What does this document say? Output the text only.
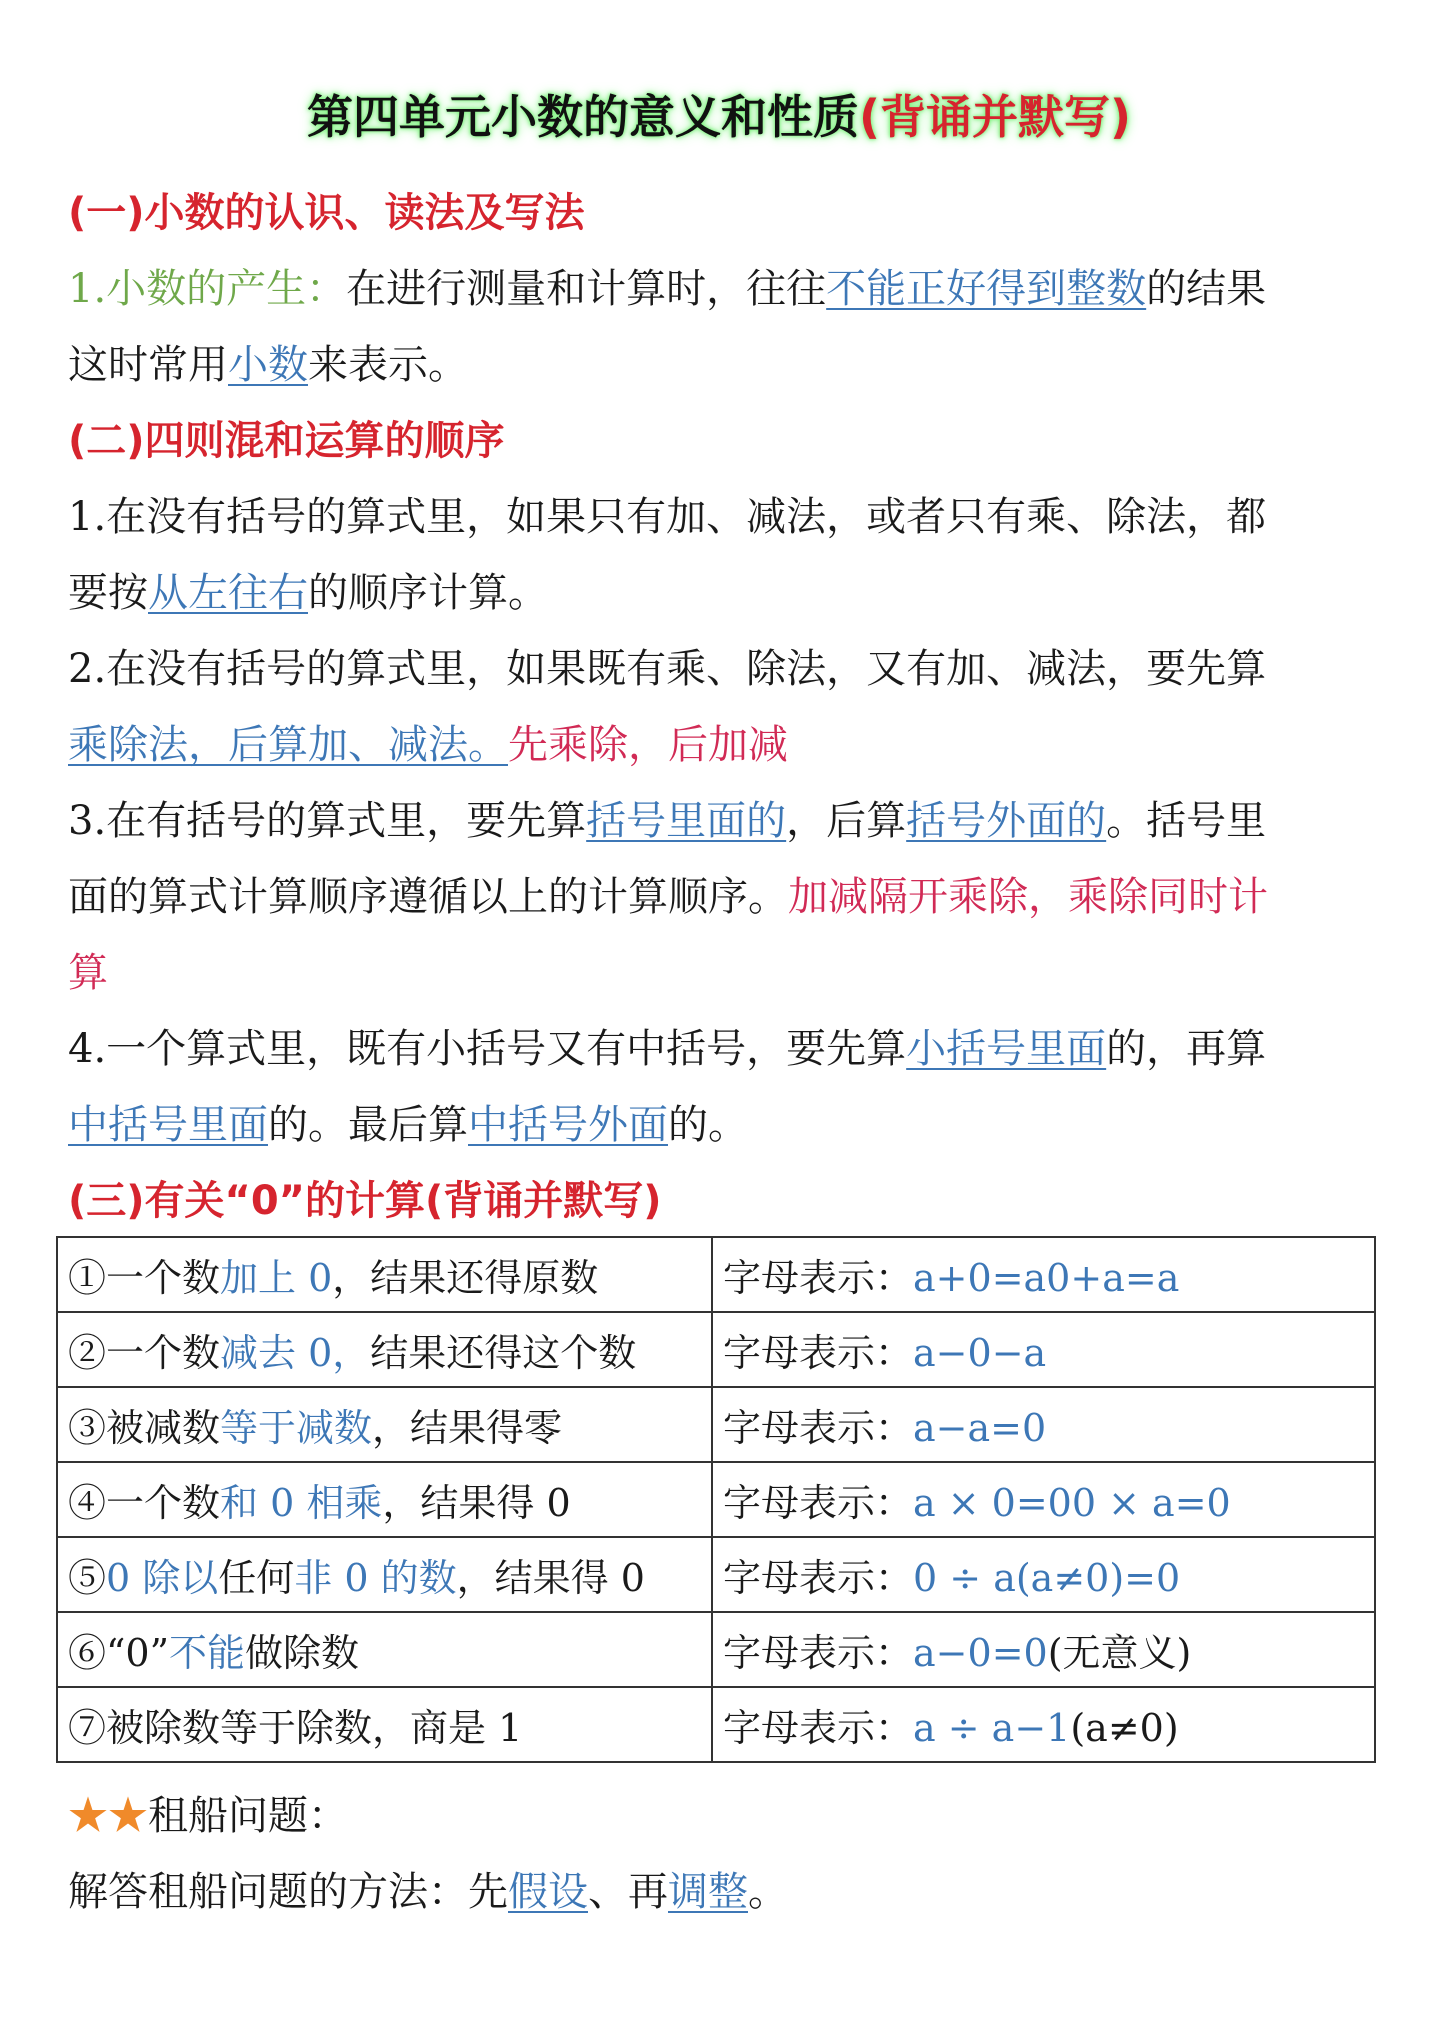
第四单元小数的意义和性质(背诵并默写)
(一)小数的认识、读法及写法
1.小数的产生：在进行测量和计算时，往往不能正好得到整数的结果
这时常用小数来表示。
(二)四则混和运算的顺序
1.在没有括号的算式里，如果只有加、减法，或者只有乘、除法，都
要按从左往右的顺序计算。
2.在没有括号的算式里，如果既有乘、除法，又有加、减法，要先算
乘除法，后算加、减法。先乘除，后加减
3.在有括号的算式里，要先算括号里面的，后算括号外面的。括号里
面的算式计算顺序遵循以上的计算顺序。加减隔开乘除，乘除同时计
算
4.一个算式里，既有小括号又有中括号，要先算小括号里面的，再算
中括号里面的。最后算中括号外面的。
(三)有关“0”的计算(背诵并默写)
①一个数加上 0，结果还得原数	字母表示：a+0=a0+a=a
②一个数减去 0，结果还得这个数	字母表示：a−0−a
③被减数等于减数，结果得零	字母表示：a−a=0
④一个数和 0 相乘，结果得 0	字母表示：a × 0=00 × a=0
⑤0 除以任何非 0 的数，结果得 0	字母表示：0 ÷ a(a≠0)=0
⑥“0”不能做除数	字母表示：a−0=0(无意义)
⑦被除数等于除数，商是 1	字母表示：a ÷ a−1(a≠0)
★★租船问题：
解答租船问题的方法：先假设、再调整。
